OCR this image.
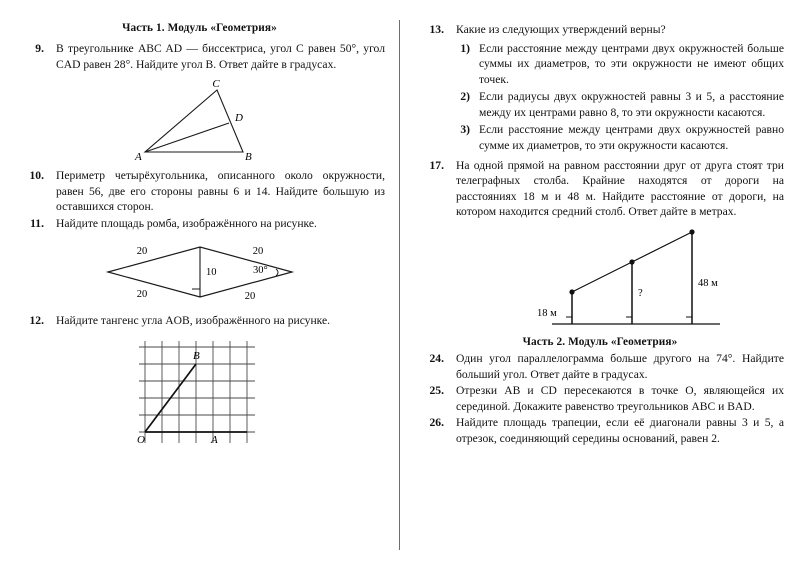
Часть 1. Модуль «Геометрия»
9.	В треугольнике ABC AD — биссектриса, угол C равен 50°, угол CAD равен 28°. Найдите угол B. Ответ дайте в градусах.
C
D
A	B
10.	Периметр четырёхугольника, описанного около окружности, равен 56, две его стороны равны 6 и 14. Найдите большую из оставшихся сторон.
11.	Найдите площадь ромба, изображённого на рисунке.
20	20
20	20
10	30°
12.	Найдите тангенс угла AOB, изображённого на рисунке.
B
O	A
13.	Какие из следующих утверждений верны?
1) Если расстояние между центрами двух окружностей больше суммы их диаметров, то эти окружности не имеют общих точек.
2) Если радиусы двух окружностей равны 3 и 5, а расстояние между их центрами равно 8, то эти окружности касаются.
3) Если расстояние между центрами двух окружностей равно сумме их диаметров, то эти окружности касаются.
17.	На одной прямой на равном расстоянии друг от друга стоят три телеграфных столба. Крайние находятся от дороги на расстояниях 18 м и 48 м. Найдите расстояние от дороги, на котором находится средний столб. Ответ дайте в метрах.
18 м
?
48 м
Часть 2. Модуль «Геометрия»
24.	Один угол параллелограмма больше другого на 74°. Найдите больший угол. Ответ дайте в градусах.
25.	Отрезки AB и CD пересекаются в точке O, являющейся их серединой. Докажите равенство треугольников ABC и BAD.
26.	Найдите площадь трапеции, если её диагонали равны 3 и 5, а отрезок, соединяющий середины оснований, равен 2.
